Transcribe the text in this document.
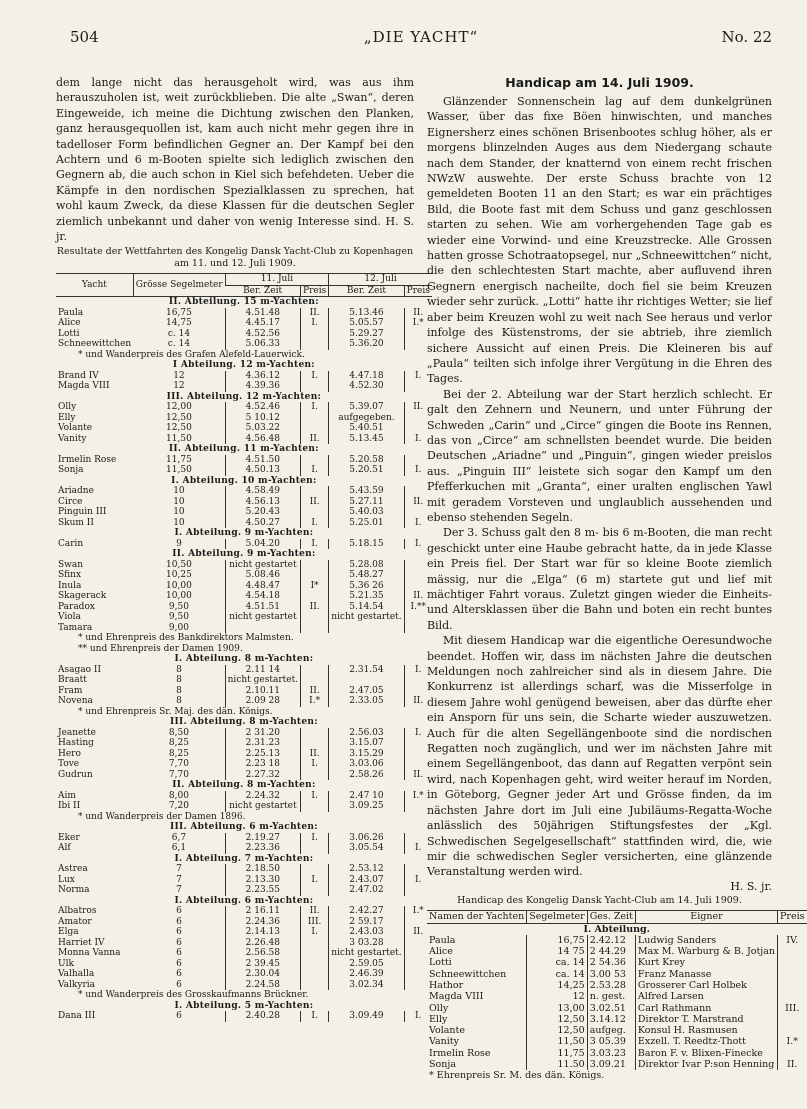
504	„DIE YACHT“	No. 22

dem lange nicht das herausgeholt wird, was aus ihm herauszuholen ist, weit zurückblieben. Die alte „Swan“, deren Eingeweide, ich meine die Dichtung zwischen den Planken, ganz herausgequollen ist, kam auch nicht mehr gegen ihre in tadelloser Form befindlichen Gegner an. Der Kampf bei den Achtern und 6 m-Booten spielte sich lediglich zwischen den Gegnern ab, die auch schon in Kiel sich befehdeten. Ueber die Kämpfe in den nordischen Spezialklassen zu sprechen, hat wohl kaum Zweck, da diese Klassen für die deutschen Segler ziemlich unbekannt und daher von wenig Interesse sind. H. S. jr.

Resultate der Wettfahrten des Kongelig Dansk Yacht-Club zu Kopenhagen am 11. und 12. Juli 1909.

Yacht	Grösse Segelmeter	11. Juli		12. Juli	
		Ber. Zeit	Preis	Ber. Zeit	Preis
II. Abteilung. 15 m-Yachten:					
Paula	16,75	4.51.48	II.	5.13.46	II.
Alice	14,75	4.45.17	I.	5.05.57	I.*
Lotti	c. 14	4.52.56		5.29.27	
Schneewittchen	c. 14	5.06.33		5.36.20	
* und Wanderpreis des Grafen Alefeld-Lauerwick.					
I Abteilung. 12 m-Yachten:					
Brand IV	12	4.36.12	I.	4.47.18	I.
Magda VIII	12	4.39.36		4.52.30	
III. Abteilung. 12 m-Yachten:					
Olly	12,00	4.52.46	I.	5.39.07	II.
Elly	12,50	5 10.12		aufgegeben.	
Volante	12,50	5.03.22		5.40.51	
Vanity	11,50	4.56.48	II.	5.13.45	I.
II. Abteilung. 11 m-Yachten:					
Irmelin Rose	11,75	4.51.50		5.20.58	
Sonja	11,50	4.50.13	I.	5.20.51	I.
I. Abteilung. 10 m-Yachten:					
Ariadne	10	4.58.49		5.43.59	
Circe	10	4.56.13	II.	5.27.11	II.
Pinguin III	10	5.20.43		5.40.03	
Skum II	10	4.50.27	I.	5.25.01	I.
I. Abteilung. 9 m-Yachten:					
Carin	9	5.04.20	I.	5.18.15	I.
II. Abteilung. 9 m-Yachten:					
Swan	10,50	nicht gestartet		5.28.08	
Sfinx	10,25	5.08.46		5.48.27	
Inula	10,00	4.48.47	I*	5.36 26	
Skagerack	10,00	4.54.18		5.21.35	II.
Paradox	9,50	4.51.51	II.	5.14.54	I.**
Viola	9,50	nicht gestartet		nicht gestartet.	
Tamara	9,00				
* und Ehrenpreis des Bankdirektors Malmsten.					
** und Ehrenpreis der Damen 1909.					
I. Abteilung. 8 m-Yachten:					
Asagao II	8	2.11 14		2.31.54	I.
Braatt	8	nicht gestartet.			
Fram	8	2.10.11	II.	2.47.05	
Novena	8	2.09 28	I.*	2.33.05	II.
* und Ehrenpreis Sr. Maj. des dän. Königs.					
III. Abteilung. 8 m-Yachten:					
Jeanette	8,50	2 31.20		2.56.03	I.
Hasting	8,25	2.31.23		3.15.07	
Hero	8,25	2.25.13	II.	3.15.29	
Tove	7,70	2.23 18	I.	3.03.06	
Gudrun	7,70	2.27.32		2.58.26	II.
II. Abteilung. 8 m-Yachten:					
Aim	8,00	2.24.32	I.	2.47 10	I.*
Ibi II	7,20	nicht gestartet		3.09.25	
* und Wanderpreis der Damen 1896.					
III. Abteilung. 6 m-Yachten:					
Eker	6,7	2.19.27	I.	3.06.26	
Alf	6,1	2.23.36		3.05.54	I.
I. Abteilung. 7 m-Yachten:					
Astrea	7	2.18.50		2.53.12	
Lux	7	2.13.30	I.	2.43.07	I.
Norma	7	2.23.55		2.47.02	
I. Abteilung. 6 m-Yachten:					
Albatros	6	2 16.11	II.	2.42.27	I.*
Amator	6	2.24.36	III.	2 59.17	
Elga	6	2.14.13	I.	2.43.03	II.
Harriet IV	6	2.26.48		3 03.28	
Monna Vanna	6	2.56.58		nicht gestartet.	
Ulk	6	2 39.45		2.59.05	
Valhalla	6	2.30.04		2.46.39	
Valkyria	6	2.24.58		3.02.34	
* und Wanderpreis des Grosskaufmanns Brückner.					
I. Abteilung. 5 m-Yachten:					
Dana III	6	2.40.28	I.	3.09.49	I.
Handicap am 14. Juli 1909.

Glänzender Sonnenschein lag auf dem dunkelgrünen Wasser, über das fixe Böen hinwischten, und manches Eignersherz eines schönen Brisenbootes schlug höher, als er morgens blinzelnden Auges aus dem Niedergang schaute nach dem Stander, der knatternd von einem recht frischen NWzW auswehte. Der erste Schuss brachte von 12 gemeldeten Booten 11 an den Start; es war ein prächtiges Bild, die Boote fast mit dem Schuss und ganz geschlossen starten zu sehen. Wie am vorhergehenden Tage gab es wieder eine Vorwind- und eine Kreuzstrecke. Alle Grossen hatten grosse Schotraatopsegel, nur „Schneewittchen“ nicht, die den schlechtesten Start machte, aber aufluvend ihren Gegnern energisch nacheilte, doch fiel sie beim Kreuzen wieder sehr zurück. „Lotti“ hatte ihr richtiges Wetter; sie lief aber beim Kreuzen wohl zu weit nach See heraus und verlor infolge des Küstenstroms, der sie abtrieb, ihre ziemlich sichere Aussicht auf einen Preis. Die Kleineren bis auf „Paula“ teilten sich infolge ihrer Vergütung in die Ehren des Tages.

Bei der 2. Abteilung war der Start herzlich schlecht. Er galt den Zehnern und Neunern, und unter Führung der Schweden „Carin“ und „Circe“ gingen die Boote ins Rennen, das von „Circe“ am schnellsten beendet wurde. Die beiden Deutschen „Ariadne“ und „Pinguin“, gingen wieder preislos aus. „Pinguin III“ leistete sich sogar den Kampf um den Pfefferkuchen mit „Granta“, einer uralten englischen Yawl mit geradem Vorsteven und unglaublich aussehenden und ebenso stehenden Segeln.

Der 3. Schuss galt den 8 m- bis 6 m-Booten, die man recht geschickt unter eine Haube gebracht hatte, da in jede Klasse ein Preis fiel. Der Start war für so kleine Boote ziemlich mässig, nur die „Elga“ (6 m) startete gut und lief mit mächtiger Fahrt voraus. Zuletzt gingen wieder die Einheits- und Altersklassen über die Bahn und boten ein recht buntes Bild.

Mit diesem Handicap war die eigentliche Oeresundwoche beendet. Hoffen wir, dass im nächsten Jahre die deutschen Meldungen noch zahlreicher sind als in diesem Jahre. Die Konkurrenz ist allerdings scharf, was die Misserfolge in diesem Jahre wohl genügend beweisen, aber das dürfte eher ein Ansporn für uns sein, die Scharte wieder auszuwetzen. Auch für die alten Segellängenboote sind die nordischen Regatten noch zugänglich, und wer im nächsten Jahre mit einem Segellängenboot, das dann auf Regatten verpönt sein wird, nach Kopenhagen geht, wird weiter herauf im Norden, in Göteborg, Gegner jeder Art und Grösse finden, da im nächsten Jahre dort im Juli eine Jubiläums-Regatta-Woche anlässlich des 50jährigen Stiftungsfestes der „Kgl. Schwedischen Segelgesellschaft“ stattfinden wird, die, wie mir die schwedischen Segler versicherten, eine glänzende Veranstaltung werden wird.

H. S. jr.

Handicap des Kongelig Dansk Yacht-Club am 14. Juli 1909.

Namen der Yachten	Segelmeter	Ges. Zeit	Eigner	Preis
I. Abteilung.				
Paula	16,75	2.42.12	Ludwig Sanders	IV.
Alice	14 75	2 44.29	Max M. Warburg & B. Jotjan	
Lotti	ca. 14	2 54.36	Kurt Krey	
Schneewittchen	ca. 14	3.00 53	Franz Manasse	
Hathor	14,25	2.53.28	Grosserer Carl Holbek	
Magda VIII	12	n. gest.	Alfred Larsen	
Olly	13,00	3.02.51	Carl Rathmann	III.
Elly	12,50	3.14.12	Direktor T. Marstrand	
Volante	12,50	aufgeg.	Konsul H. Rasmusen	
Vanity	11,50	3 05.39	Exzell. T. Reedtz-Thott	I.*
Irmelin Rose	11,75	3.03.23	Baron F. v. Blixen-Finecke	
Sonja	11.50	3.09.21	Direktor Ivar P:son Henning	II.
* Ehrenpreis Sr. M. des dän. Königs.				
